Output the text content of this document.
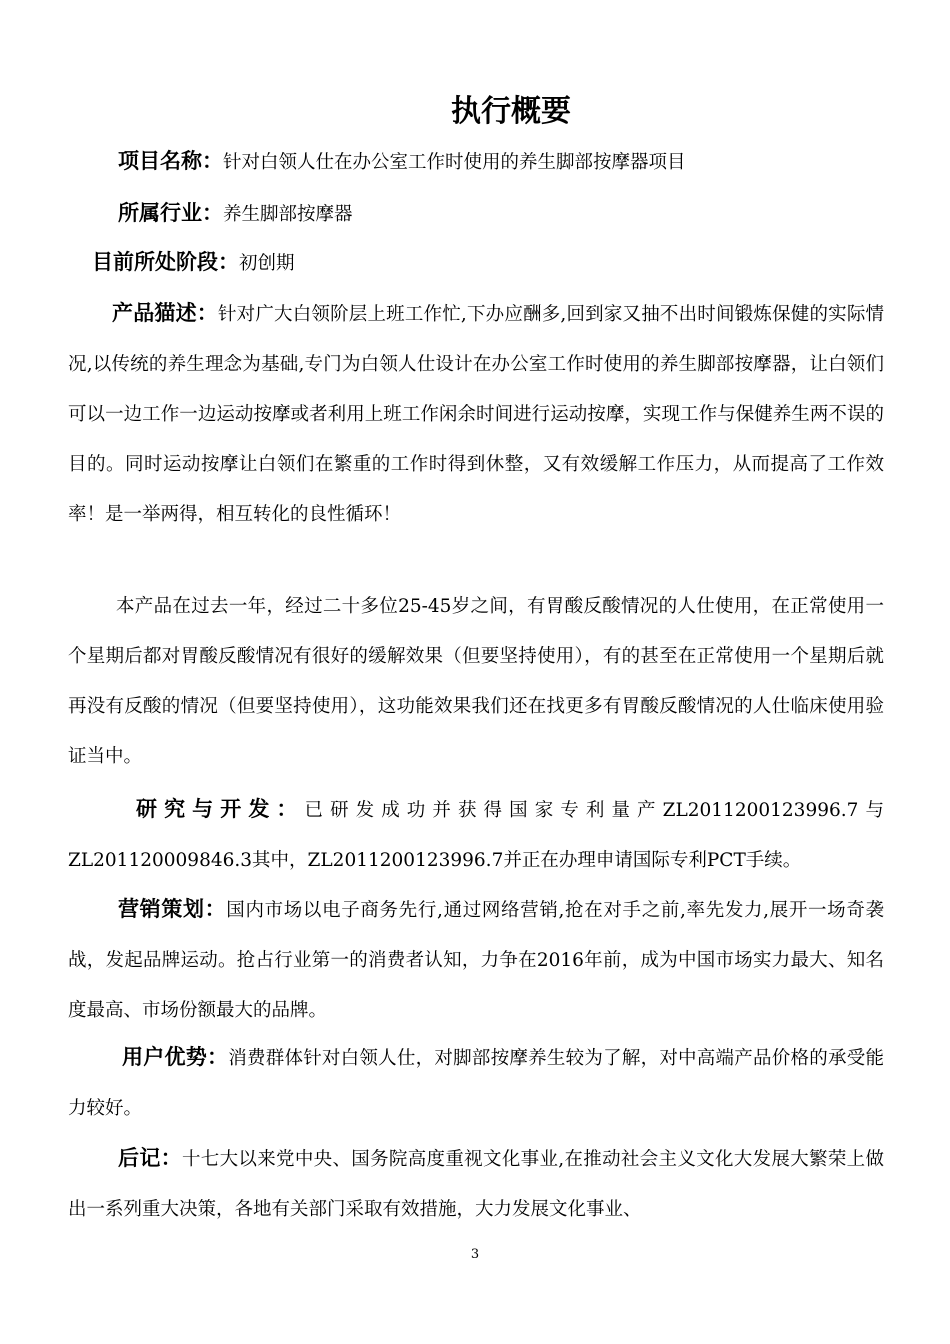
执行概要
项目名称：针对白领人仕在办公室工作时使用的养生脚部按摩器项目
所属行业：养生脚部按摩器
目前所处阶段：初创期

产品猫述：针对广大白领阶层上班工作忙,下办应酬多,回到家又抽不出时间锻炼保健的实际情况,以传统的养生理念为基础,专门为白领人仕设计在办公室工作时使用的养生脚部按摩器，让白领们可以一边工作一边运动按摩或者利用上班工作闲余时间进行运动按摩，实现工作与保健养生两不误的目的。同时运动按摩让白领们在繁重的工作时得到休整，又有效缓解工作压力，从而提高了工作效率！是一举两得，相互转化的良性循环！

本产品在过去一年，经过二十多位25-45岁之间，有胃酸反酸情况的人仕使用，在正常使用一个星期后都对胃酸反酸情况有很好的缓解效果（但要坚持使用），有的甚至在正常使用一个星期后就再没有反酸的情况（但要坚持使用），这功能效果我们还在找更多有胃酸反酸情况的人仕临床使用验证当中。

研究与开发：已研发成功并获得国家专利量产ZL2011200123996.7与ZL201120009846.3其中，ZL2011200123996.7并正在办理申请国际专利PCT手续。

营销策划：国内市场以电子商务先行,通过网络营销,抢在对手之前,率先发力,展开一场奇袭战，发起品牌运动。抢占行业第一的消费者认知，力争在2016年前，成为中国市场实力最大、知名度最高、市场份额最大的品牌。

用户优势：消费群体针对白领人仕，对脚部按摩养生较为了解，对中高端产品价格的承受能力较好。

后记：十七大以来党中央、国务院高度重视文化事业,在推动社会主义文化大发展大繁荣上做出一系列重大决策，各地有关部门采取有效措施，大力发展文化事业、

3
